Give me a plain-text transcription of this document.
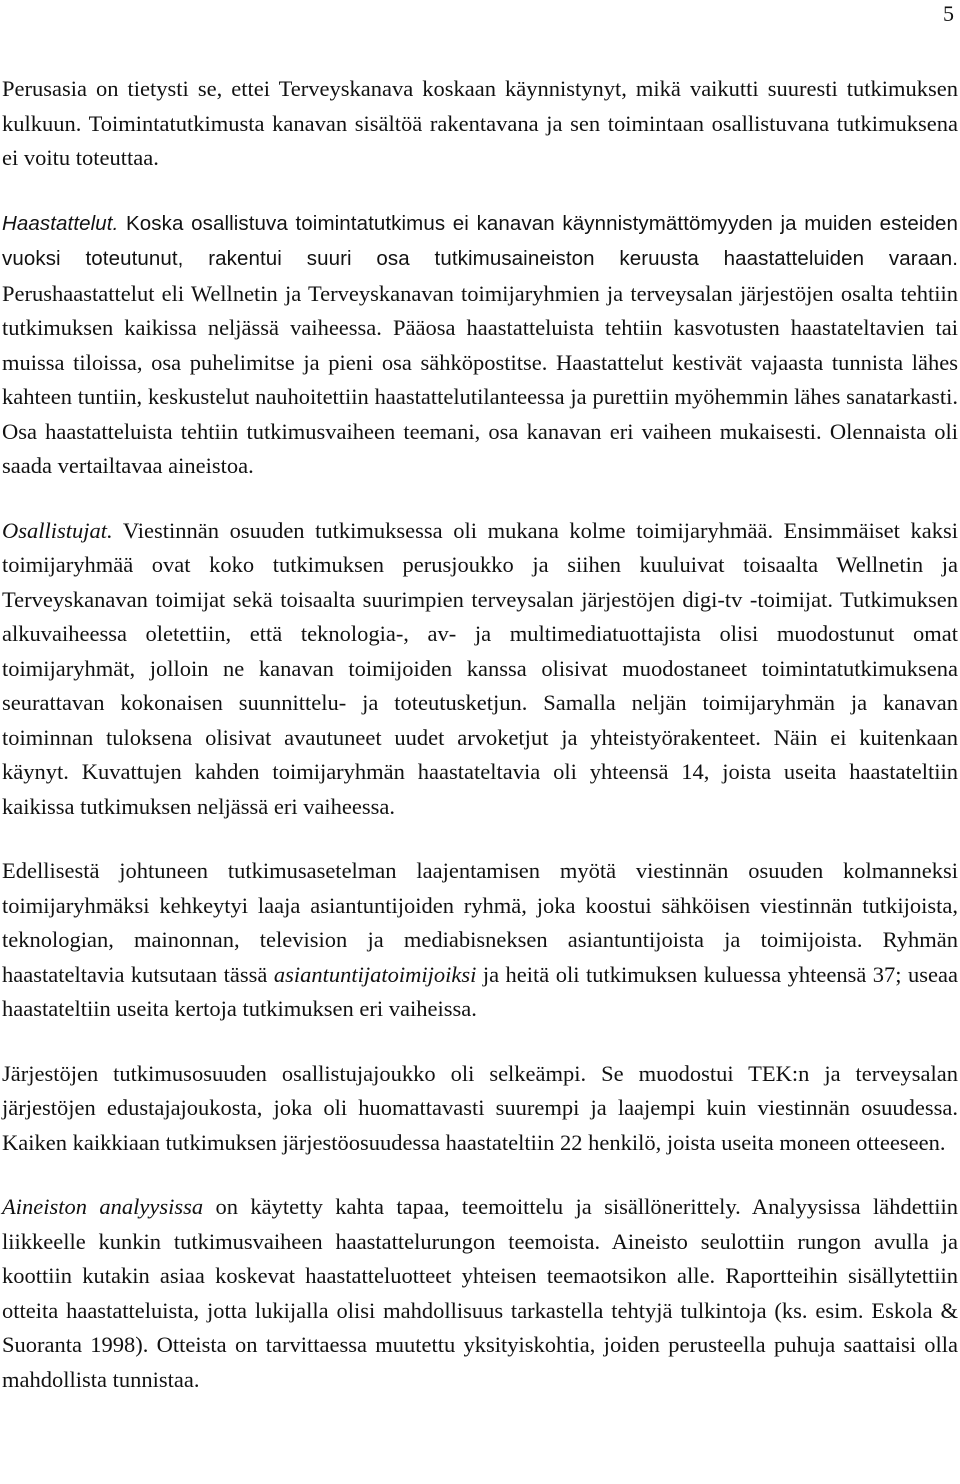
5

Perusasia on tietysti se, ettei Terveyskanava koskaan käynnistynyt, mikä vaikutti suuresti tutkimuksen kulkuun. Toimintatutkimusta kanavan sisältöä rakentavana ja sen toimintaan osallistuvana tutkimuksena ei voitu toteuttaa.

Haastattelut. Koska osallistuva toimintatutkimus ei kanavan käynnistymättömyyden ja muiden esteiden vuoksi toteutunut, rakentui suuri osa tutkimusaineiston keruusta haastatteluiden varaan. Perushaastattelut eli Wellnetin ja Terveyskanavan toimijaryhmien ja terveysalan järjestöjen osalta tehtiin tutkimuksen kaikissa neljässä vaiheessa. Pääosa haastatteluista tehtiin kasvotusten haastateltavien tai muissa tiloissa, osa puhelimitse ja pieni osa sähköpostitse. Haastattelut kestivät vajaasta tunnista lähes kahteen tuntiin, keskustelut nauhoitettiin haastattelutilanteessa ja purettiin myöhemmin lähes sanatarkasti. Osa haastatteluista tehtiin tutkimusvaiheen teemani, osa kanavan eri vaiheen mukaisesti. Olennaista oli saada vertailtavaa aineistoa.

Osallistujat. Viestinnän osuuden tutkimuksessa oli mukana kolme toimijaryhmää. Ensimmäiset kaksi toimijaryhmää ovat koko tutkimuksen perusjoukko ja siihen kuuluivat toisaalta Wellnetin ja Terveyskanavan toimijat sekä toisaalta suurimpien terveysalan järjestöjen digi-tv -toimijat. Tutkimuksen alkuvaiheessa oletettiin, että teknologia-, av- ja multimediatuottajista olisi muodostunut omat toimijaryhmät, jolloin ne kanavan toimijoiden kanssa olisivat muodostaneet toimintatutkimuksena seurattavan kokonaisen suunnittelu- ja toteutusketjun. Samalla neljän toimijaryhmän ja kanavan toiminnan tuloksena olisivat avautuneet uudet arvoketjut ja yhteistyörakenteet. Näin ei kuitenkaan käynyt. Kuvattujen kahden toimijaryhmän haastateltavia oli yhteensä 14, joista useita haastateltiin kaikissa tutkimuksen neljässä eri vaiheessa.

Edellisestä johtuneen tutkimusasetelman laajentamisen myötä viestinnän osuuden kolmanneksi toimijaryhmäksi kehkeytyi laaja asiantuntijoiden ryhmä, joka koostui sähköisen viestinnän tutkijoista, teknologian, mainonnan, television ja mediabisneksen asiantuntijoista ja toimijoista. Ryhmän haastateltavia kutsutaan tässä asiantuntijatoimijoiksi ja heitä oli tutkimuksen kuluessa yhteensä 37; useaa haastateltiin useita kertoja tutkimuksen eri vaiheissa.

Järjestöjen tutkimusosuuden osallistujajoukko oli selkeämpi. Se muodostui TEK:n ja terveysalan järjestöjen edustajajoukosta, joka oli huomattavasti suurempi ja laajempi kuin viestinnän osuudessa. Kaiken kaikkiaan tutkimuksen järjestöosuudessa haastateltiin 22 henkilö, joista useita moneen otteeseen.

Aineiston analyysissa on käytetty kahta tapaa, teemoittelu ja sisällönerittely. Analyysissa lähdettiin liikkeelle kunkin tutkimusvaiheen haastattelurungon teemoista. Aineisto seulottiin rungon avulla ja koottiin kutakin asiaa koskevat haastatteluotteet yhteisen teemaotsikon alle. Raportteihin sisällytettiin otteita haastatteluista, jotta lukijalla olisi mahdollisuus tarkastella tehtyjä tulkintoja (ks. esim. Eskola & Suoranta 1998). Otteista on tarvittaessa muutettu yksityiskohtia, joiden perusteella puhuja saattaisi olla mahdollista tunnistaa.
